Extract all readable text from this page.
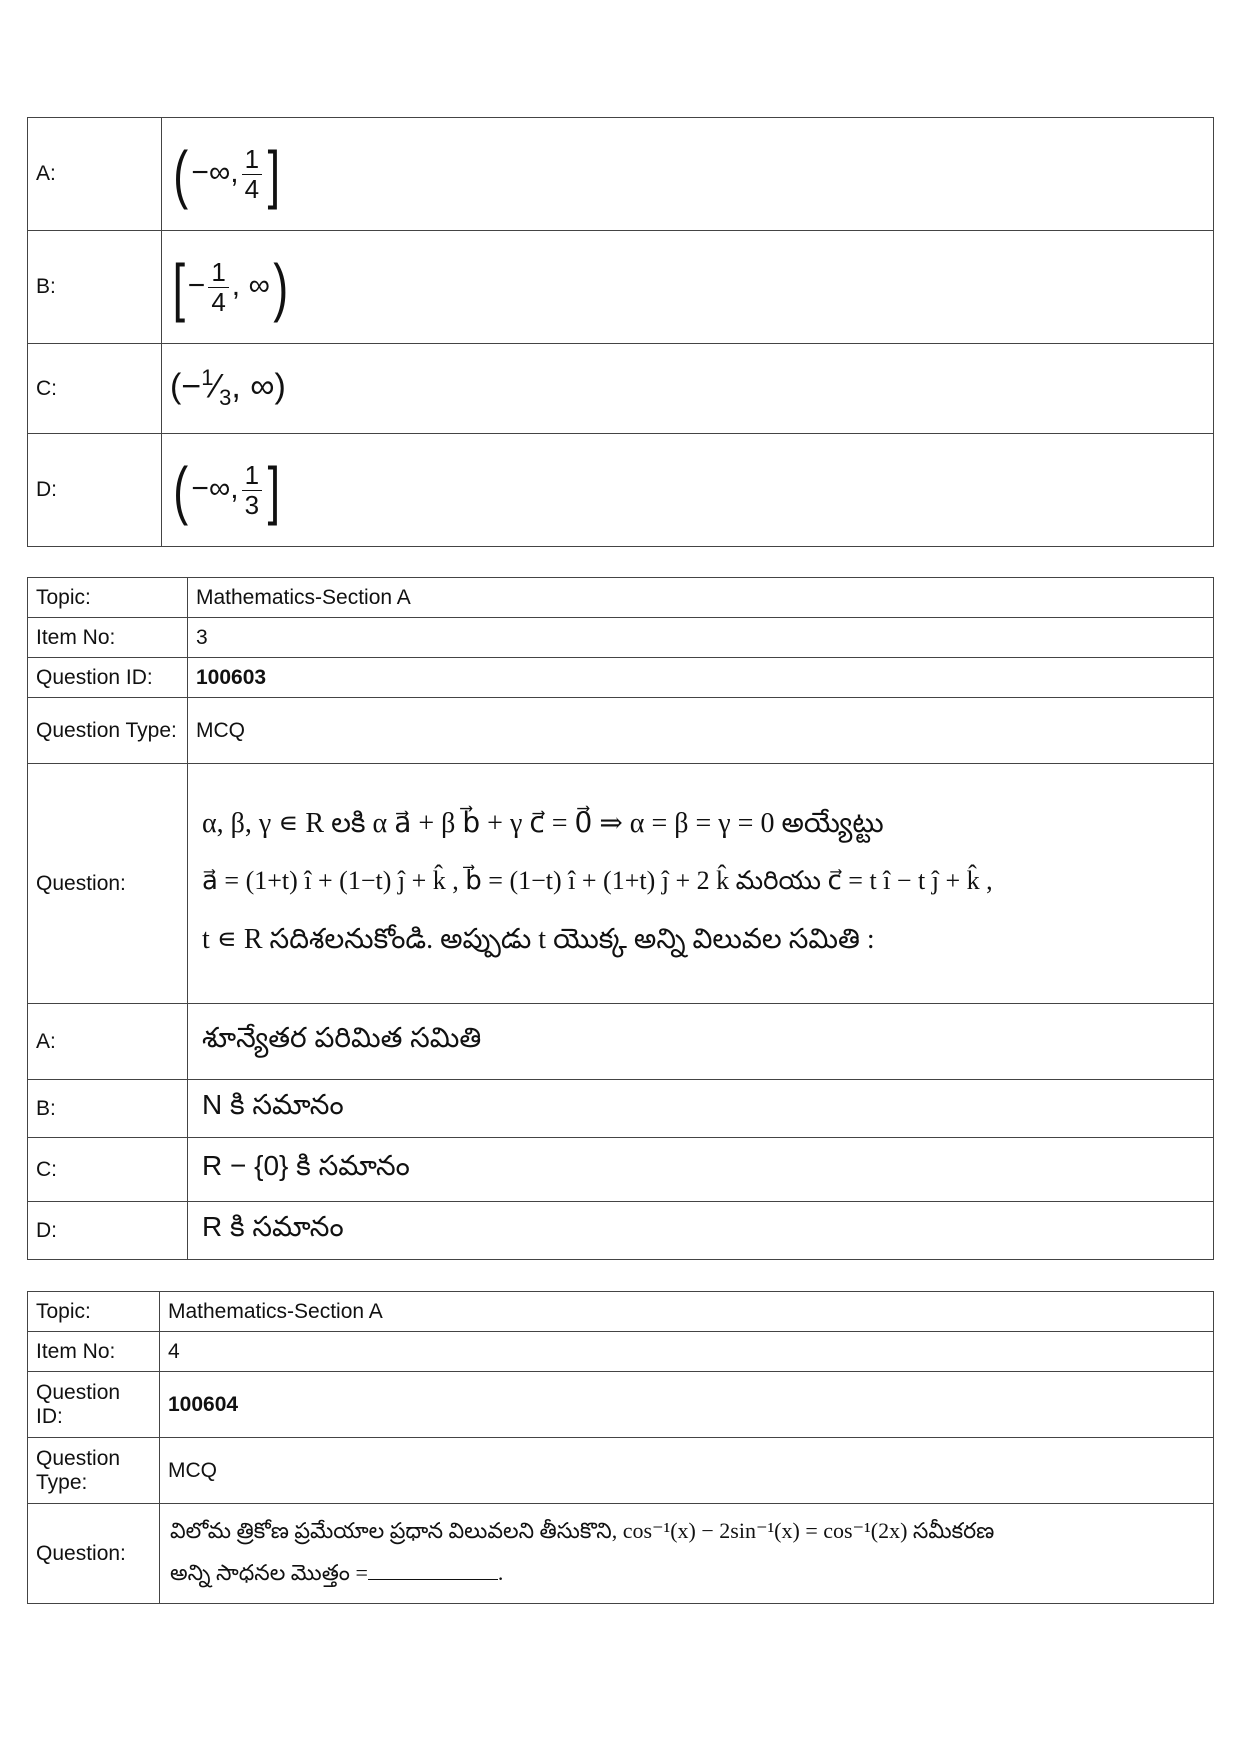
A:	( −∞, $\frac{1}{4}$ ]
B:	[− $\frac{1}{4}$ , ∞)
C:	($-^1⁄_3$, ∞)
D:	( −∞, $\frac{1}{3}$ ]
Topic:	Mathematics-Section A
Item No:	3
Question ID:	100603
Question Type:	MCQ
Question:	α, β, γ ∊ R లకి α a⃗ + β b⃗ + γ c⃗ = 0⃗ ⇒ α = β = γ = 0 అయ్యేట్టు
a⃗ = (1+t) î + (1−t) ĵ + k̂ , b⃗ = (1−t) î + (1+t) ĵ + 2 k̂ మరియు c⃗ = t î − t ĵ + k̂ ,
t ∊ R సదిశలనుకోండి. అప్పుడు t యొక్క అన్ని విలువల సమితి :

A:	శూన్యేతర పరిమిత సమితి
B:	N కి సమానం
C:	R − {0} కి సమానం
D:	R కి సమానం
Topic:	Mathematics-Section A
Item No:	4
Question ID:	100604
Question Type:	MCQ
Question:	విలోమ త్రికోణ ప్రమేయాల ప్రధాన విలువలని తీసుకొని, cos⁻¹(x) − 2sin⁻¹(x) = cos⁻¹(2x) సమీకరణ
అన్ని సాధనల మొత్తం = .
